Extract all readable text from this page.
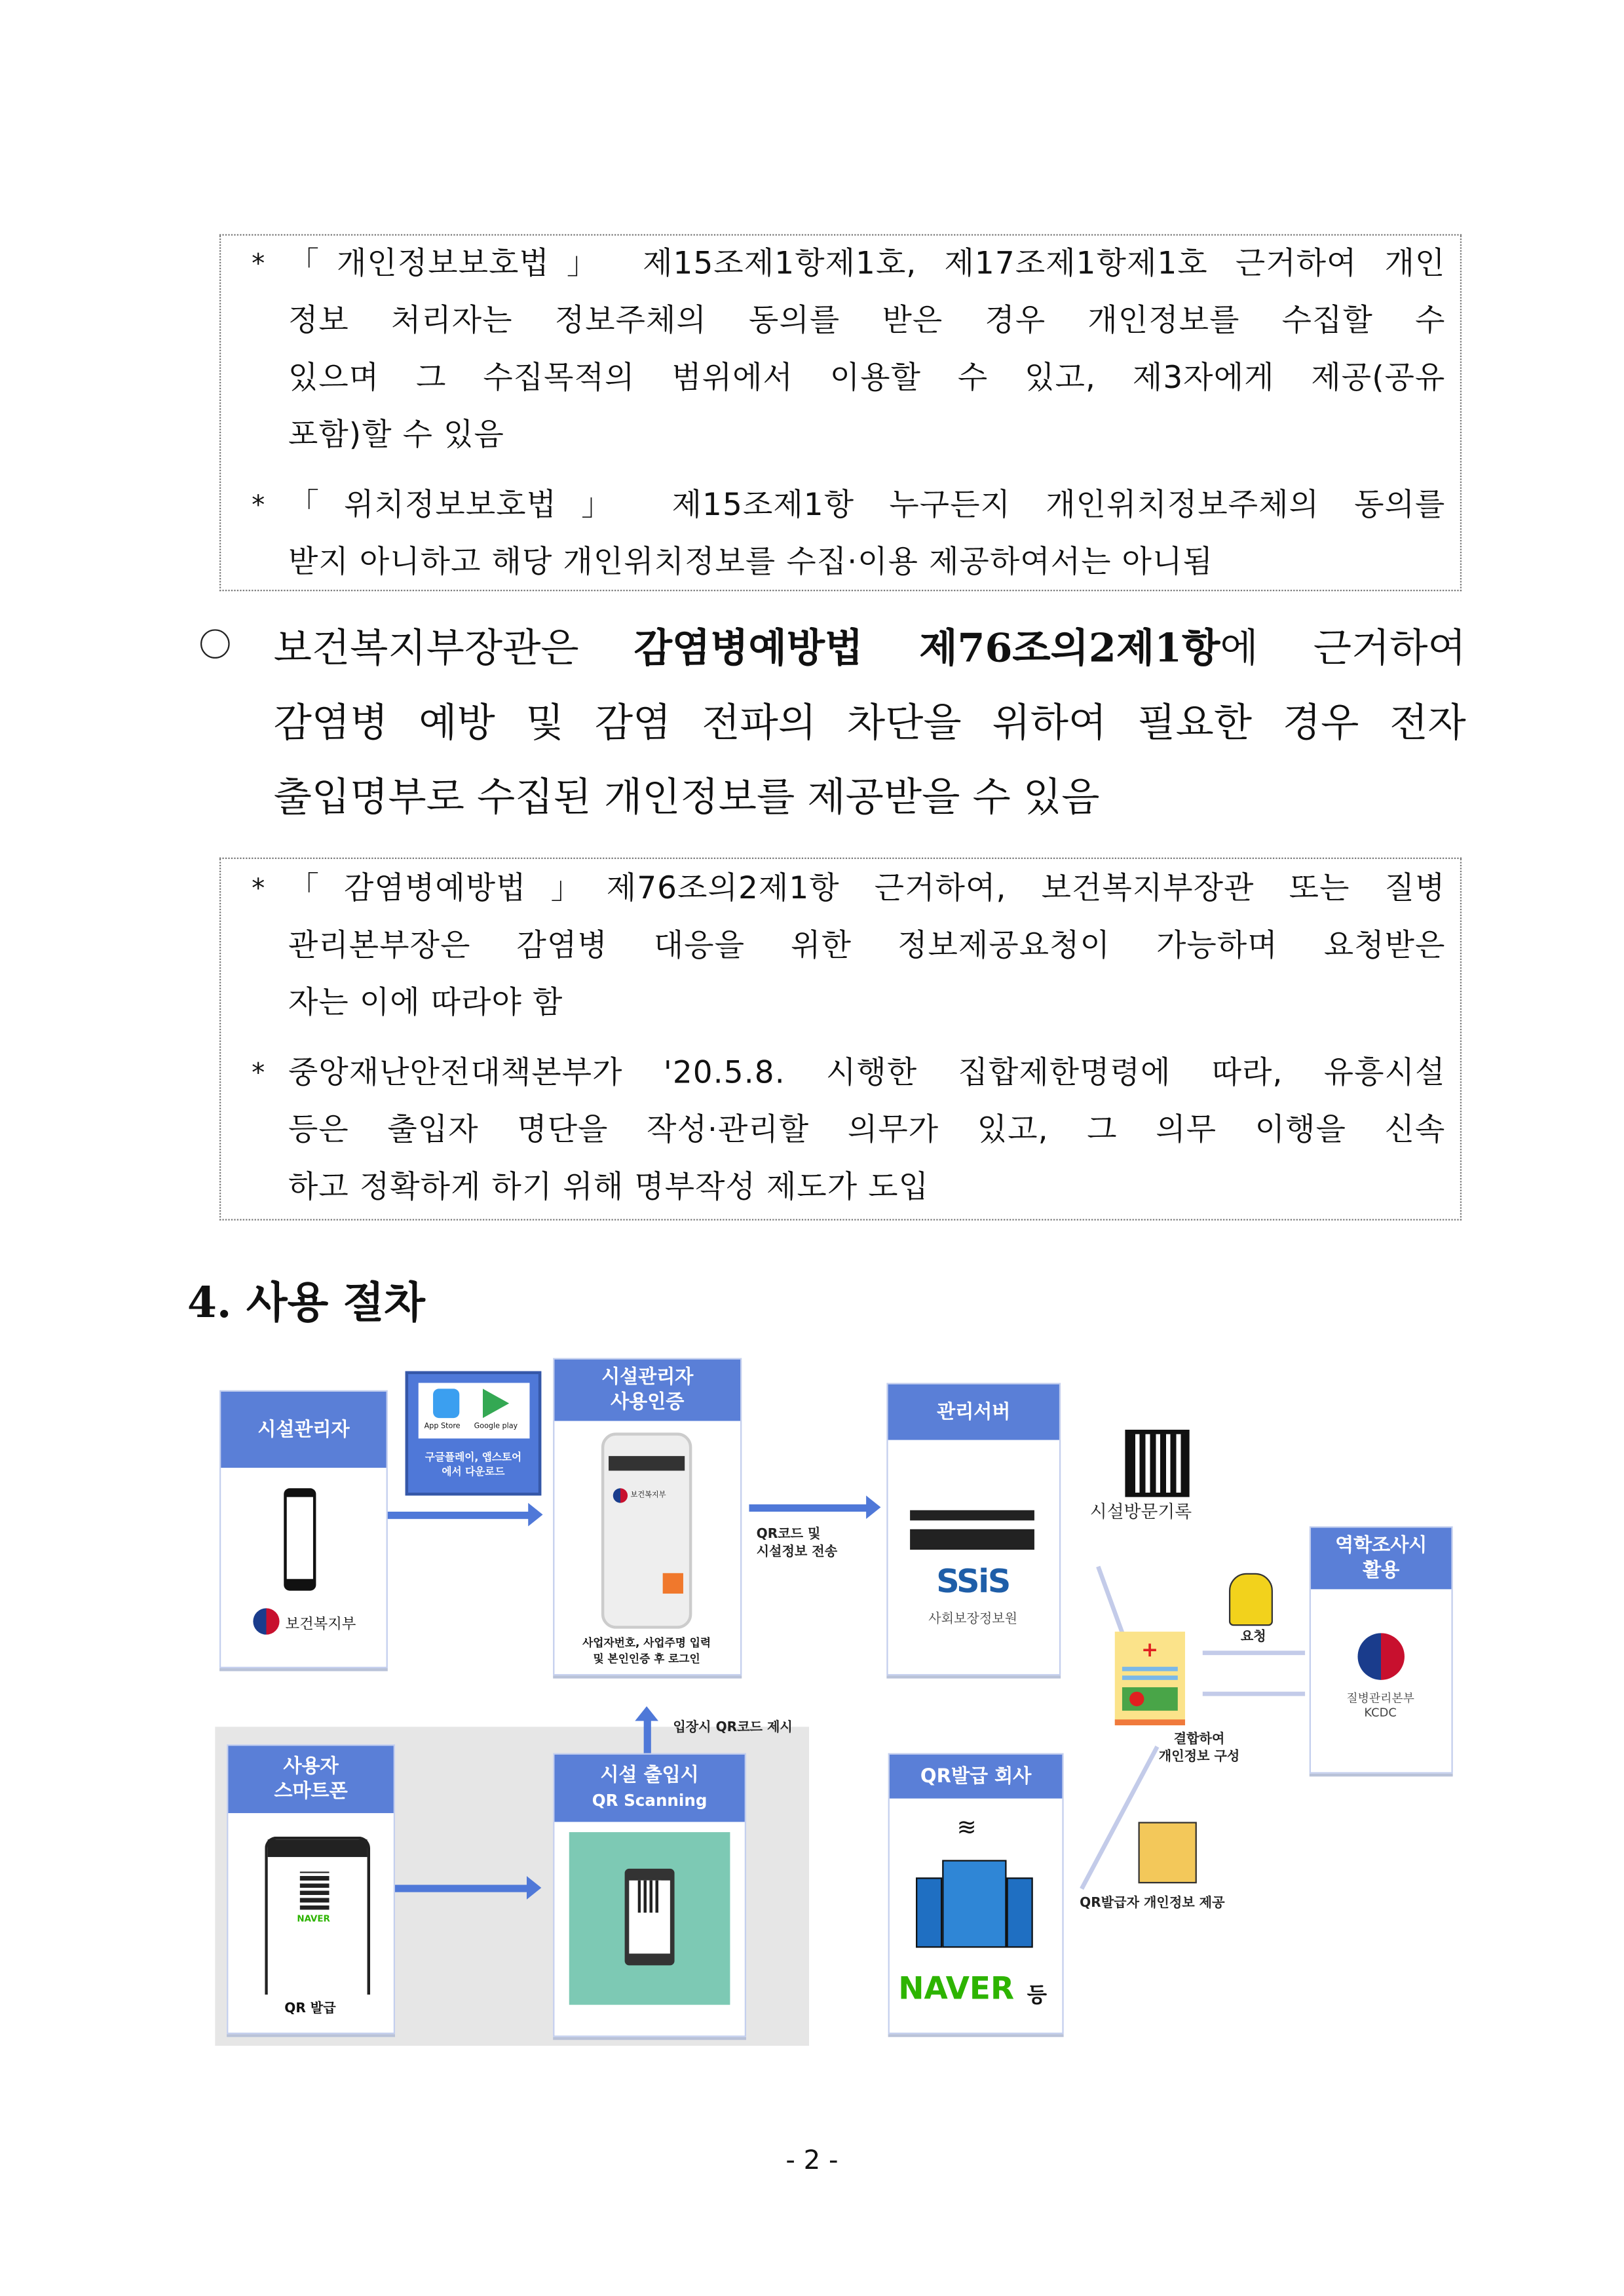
* 「개인정보보호법」 제15조제1항제1호, 제17조제1항제1호 근거하여 개인
정보 처리자는 정보주체의 동의를 받은 경우 개인정보를 수집할 수
있으며 그 수집목적의 범위에서 이용할 수 있고, 제3자에게 제공(공유
포함)할 수 있음
* 「위치정보보호법」 제15조제1항 누구든지 개인위치정보주체의 동의를
받지 아니하고 해당 개인위치정보를 수집·이용 제공하여서는 아니됨
보건복지부장관은 감염병예방법 제76조의2제1항에 근거하여
감염병 예방 및 감염 전파의 차단을 위하여 필요한 경우 전자
출입명부로 수집된 개인정보를 제공받을 수 있음
* 「감염병예방법」제76조의2제1항 근거하여, 보건복지부장관 또는 질병
관리본부장은 감염병 대응을 위한 정보제공요청이 가능하며 요청받은
자는 이에 따라야 함
* 중앙재난안전대책본부가 '20.5.8. 시행한 집합제한명령에 따라, 유흥시설
등은 출입자 명단을 작성·관리할 의무가 있고, 그 의무 이행을 신속
하고 정확하게 하기 위해 명부작성 제도가 도입
4. 사용 절차
시설관리자
보건복지부
App Store	Google play
구글플레이, 앱스토어
에서 다운로드
시설관리자
사용인증
보건복지부
사업자번호, 사업주명 입력
및 본인인증 후 로그인
QR코드 및
시설정보 전송
관리서버
SSiS
사회보장정보원
시설방문기록
+
요청
결합하여
개인정보 구성
역학조사시
활용
질병관리본부
KCDC
사용자
스마트폰
NAVER
QR 발급
시설 출입시
QR Scanning
입장시 QR코드 제시
QR발급 회사
≋
NAVER 등
QR발급자 개인정보 제공
- 2 -
